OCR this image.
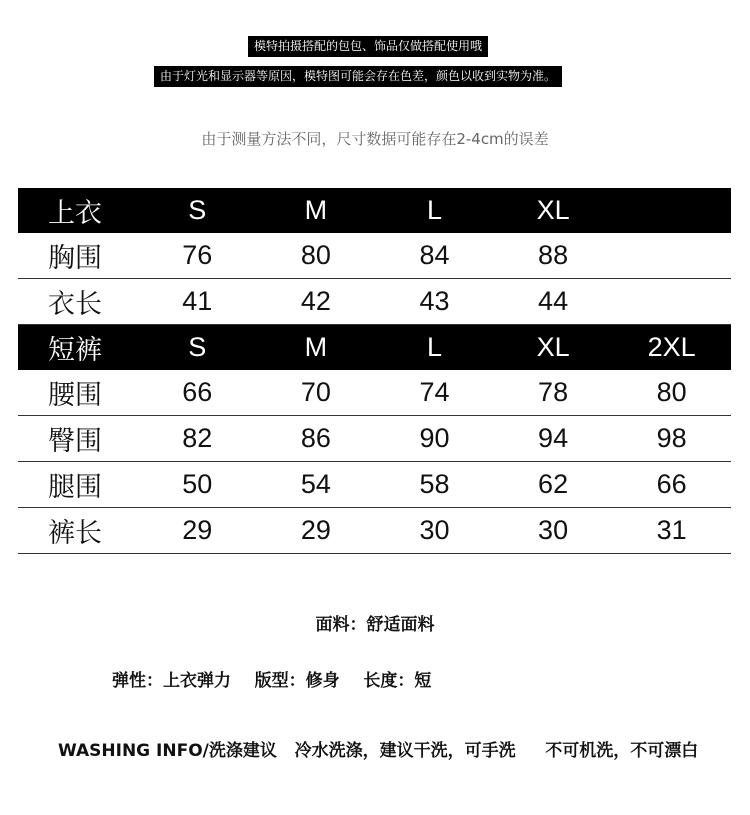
模特拍摄搭配的包包、饰品仅做搭配使用哦
由于灯光和显示器等原因，模特图可能会存在色差，颜色以收到实物为准。
由于测量方法不同，尺寸数据可能存在2-4cm的误差
上衣	S	M	L	XL	
胸围	76	80	84	88	
衣长	41	42	43	44	
短裤	S	M	L	XL	2XL
腰围	66	70	74	78	80
臀围	82	86	90	94	98
腿围	50	54	58	62	66
裤长	29	29	30	30	31
面料：舒适面料
弹性：上衣弹力    版型：修身    长度：短
WASHING INFO/洗涤建议   冷水洗涤，建议干洗，可手洗     不可机洗，不可漂白
